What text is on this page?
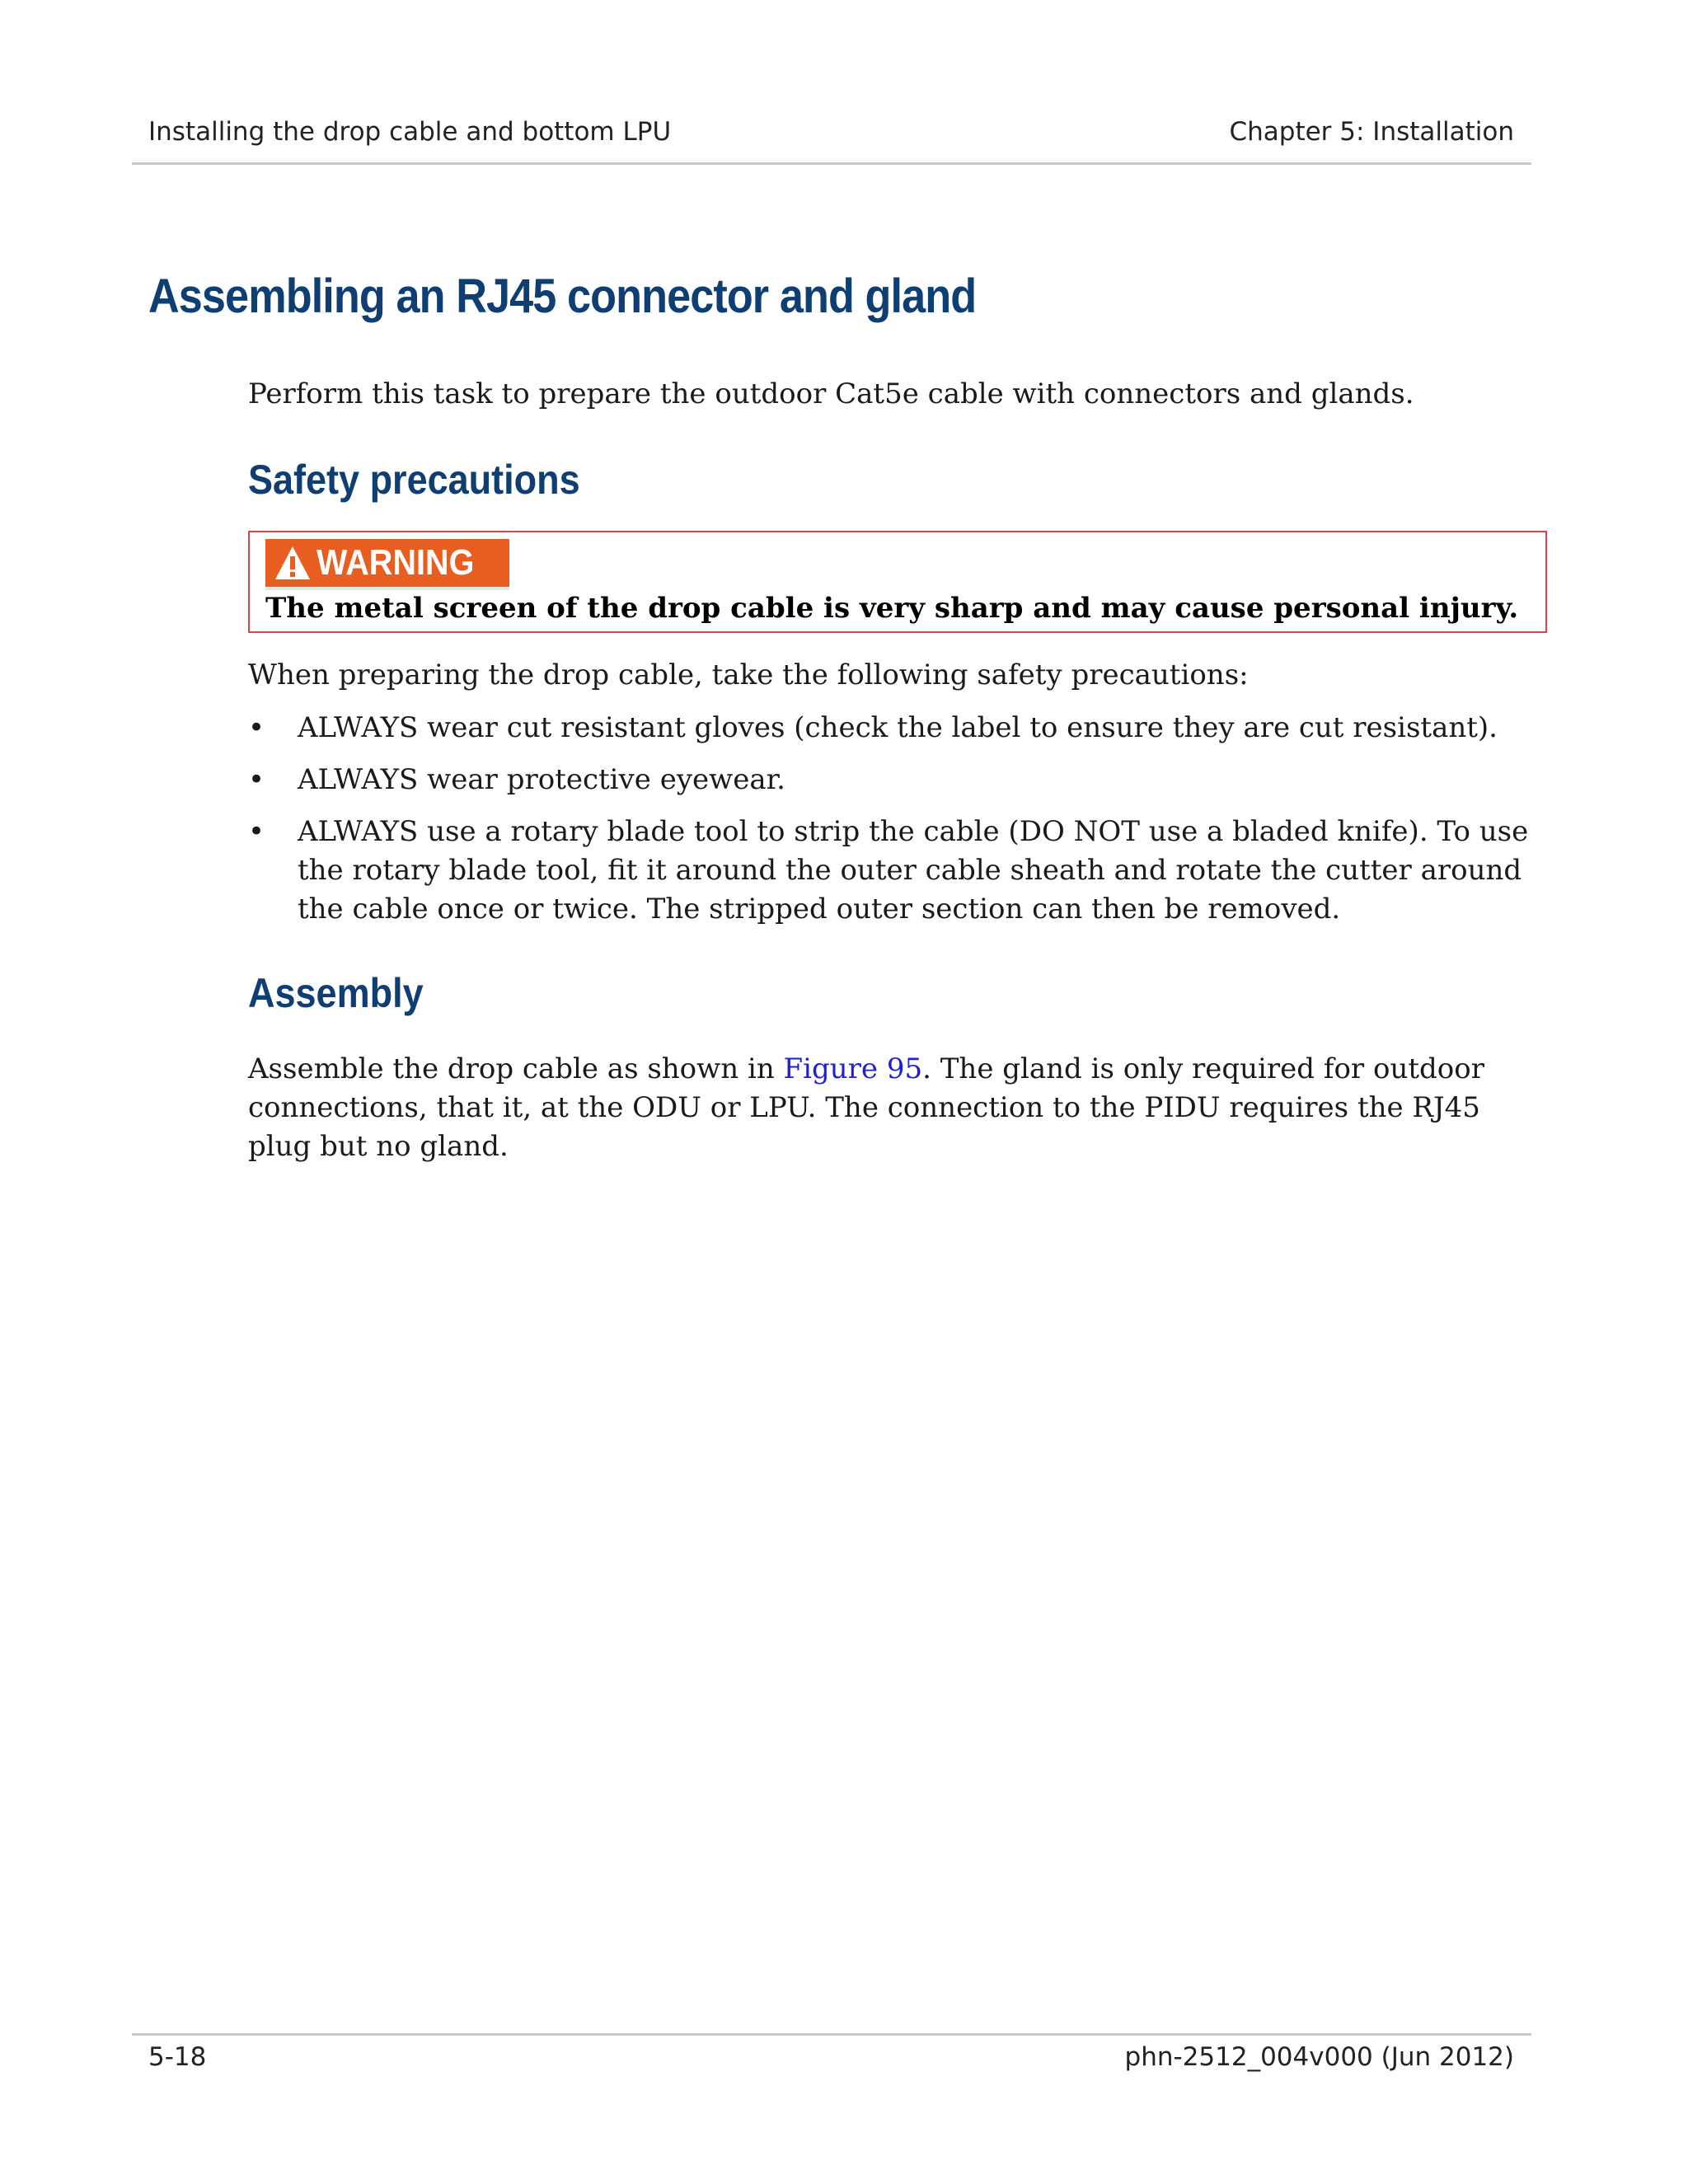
Installing the drop cable and bottom LPU	Chapter 5: Installation
Assembling an RJ45 connector and gland

Perform this task to prepare the outdoor Cat5e cable with connectors and glands.

Safety precautions
WARNING
The metal screen of the drop cable is very sharp and may cause personal injury.

When preparing the drop cable, take the following safety precautions:

• ALWAYS wear cut resistant gloves (check the label to ensure they are cut resistant).
• ALWAYS wear protective eyewear.
• ALWAYS use a rotary blade tool to strip the cable (DO NOT use a bladed knife). To use
the rotary blade tool, fit it around the outer cable sheath and rotate the cutter around
the cable once or twice. The stripped outer section can then be removed.
Assembly

Assemble the drop cable as shown in Figure 95. The gland is only required for outdoor
connections, that it, at the ODU or LPU. The connection to the PIDU requires the RJ45
plug but no gland.

5-18	phn-2512_004v000 (Jun 2012)
